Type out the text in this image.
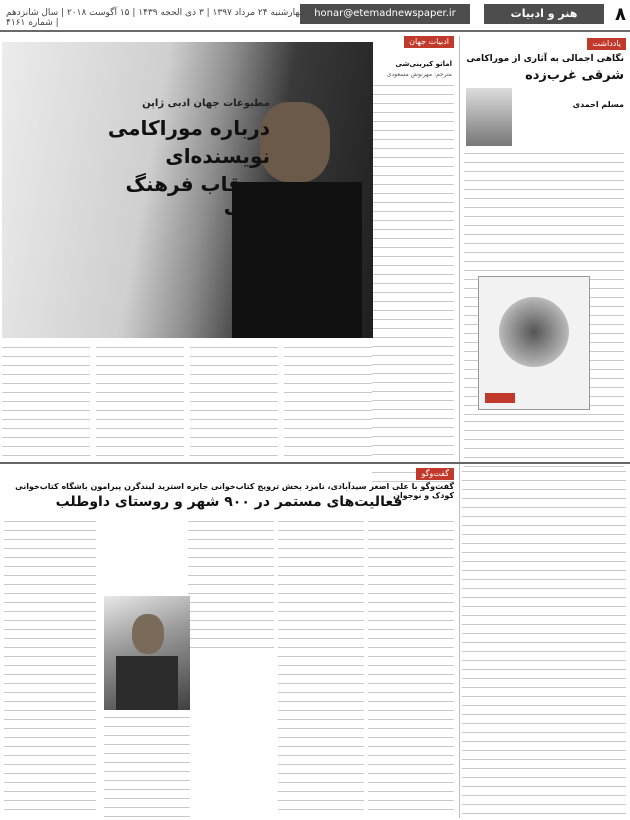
۸
هنر و ادبیات
honar@etemadnewspaper.ir
چهارشنبه ۲۴ مرداد ۱۳۹۷ | ۳ ذی الحجه ۱۴۳۹ | ۱۵ آگوست ۲۰۱۸ | سال شانزدهم | شماره ۴۱۶۱
یادداشت
نگاهی اجمالی به آثاری از موراکامی
شرقی غرب‌زده
مسلم احمدی
ادبیات جهان
اماتو کیرینی‌شی
مترجم: مهرنوش مسعودی
مطبوعات جهان ادبی ژاپن
درباره موراکامی
نویسنده‌ای
در قاب فرهنگ غرب
گفت‌وگو
گفت‌وگو با علی اصغر سیدآبادی، نامزد بخش ترویج کتاب‌خوانی جایزه استرید لیندگرن پیرامون باشگاه کتاب‌خوانی کودک و نوجوان
فعالیت‌های مستمر در ۹۰۰ شهر و روستای داوطلب
